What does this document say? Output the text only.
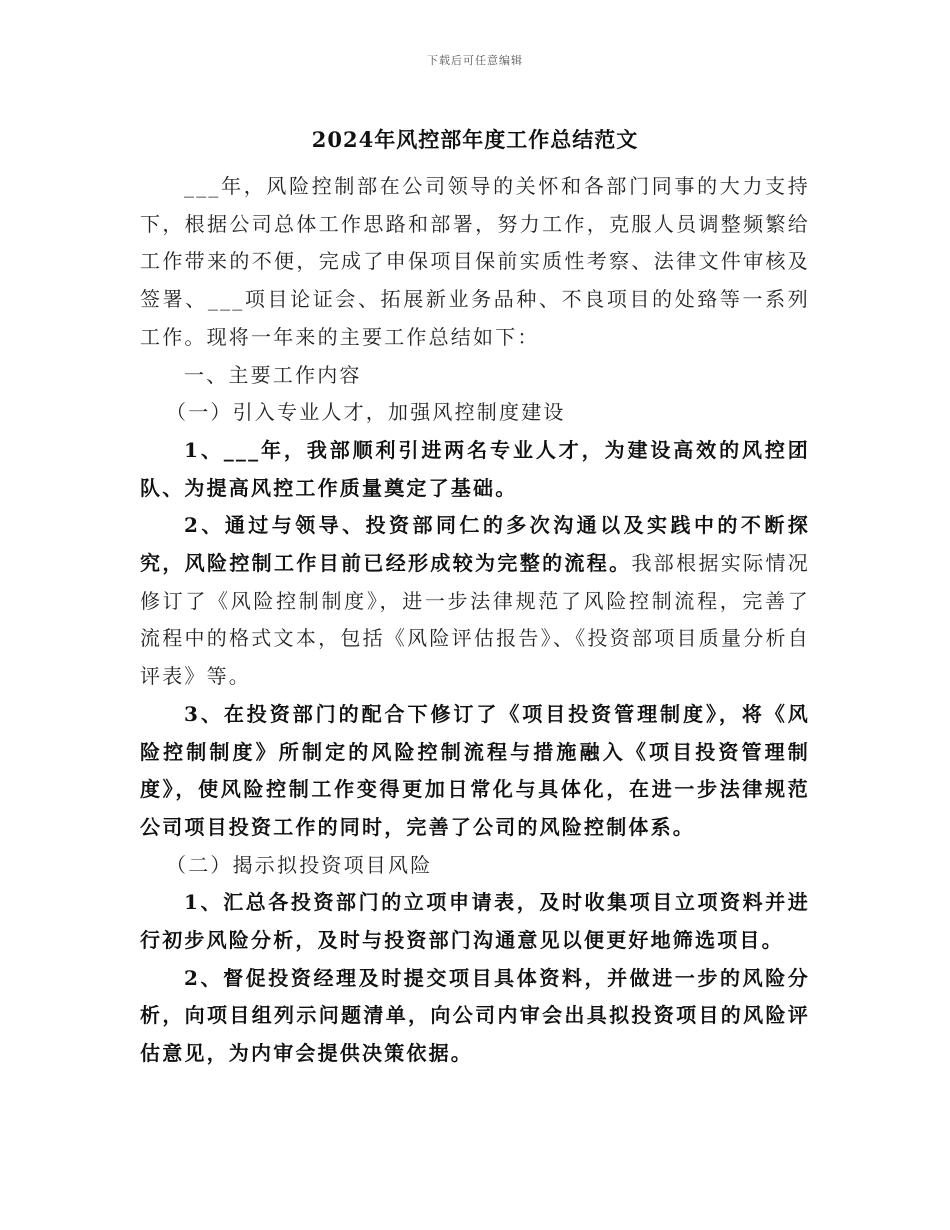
下载后可任意编辑
2024年风控部年度工作总结范文

___年，风险控制部在公司领导的关怀和各部门同事的大力支持下，根据公司总体工作思路和部署，努力工作，克服人员调整频繁给工作带来的不便，完成了申保项目保前实质性考察、法律文件审核及签署、___项目论证会、拓展新业务品种、不良项目的处臵等一系列工作。现将一年来的主要工作总结如下：

一、主要工作内容

（一）引入专业人才，加强风控制度建设

1、___年，我部顺利引进两名专业人才，为建设高效的风控团队、为提高风控工作质量奠定了基础。

2、通过与领导、投资部同仁的多次沟通以及实践中的不断探究，风险控制工作目前已经形成较为完整的流程。我部根据实际情况修订了《风险控制制度》，进一步法律规范了风险控制流程，完善了流程中的格式文本，包括《风险评估报告》、《投资部项目质量分析自评表》等。

3、在投资部门的配合下修订了《项目投资管理制度》，将《风险控制制度》所制定的风险控制流程与措施融入《项目投资管理制度》，使风险控制工作变得更加日常化与具体化，在进一步法律规范公司项目投资工作的同时，完善了公司的风险控制体系。

（二）揭示拟投资项目风险

1、汇总各投资部门的立项申请表，及时收集项目立项资料并进行初步风险分析，及时与投资部门沟通意见以便更好地筛选项目。

2、督促投资经理及时提交项目具体资料，并做进一步的风险分析，向项目组列示问题清单，向公司内审会出具拟投资项目的风险评估意见，为内审会提供决策依据。
